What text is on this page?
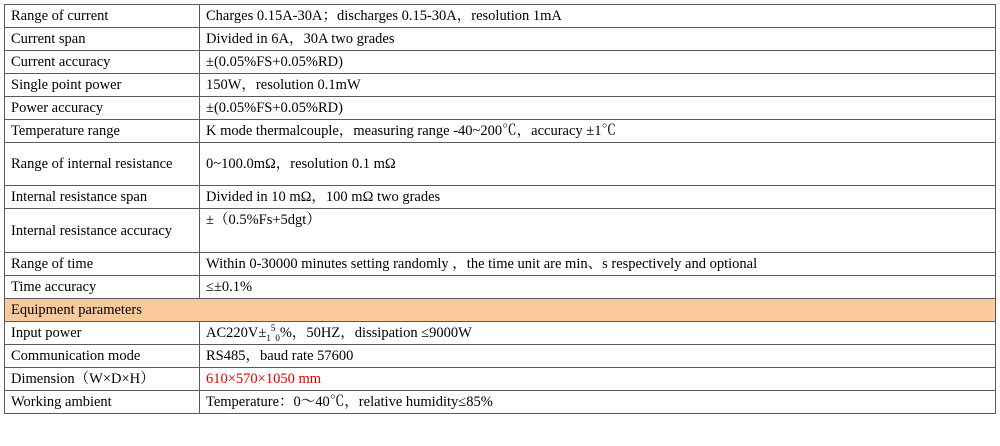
Range of current	Charges 0.15A-30A；discharges 0.15-30A，resolution 1mA
Current span	Divided in 6A，30A two grades
Current accuracy	±(0.05%FS+0.05%RD)
Single point power	150W，resolution 0.1mW
Power accuracy	±(0.05%FS+0.05%RD)
Temperature range	K mode thermalcouple，measuring range -40~200℃，accuracy ±1℃
Range of internal resistance	0~100.0mΩ，resolution 0.1 mΩ
Internal resistance span	Divided in 10 mΩ，100 mΩ two grades
Internal resistance accuracy	±（0.5%Fs+5dgt）
Range of time	Within 0-30000 minutes setting randomly ，the time unit are min、s respectively and optional
Time accuracy	≤±0.1%
Equipment parameters	
Input power	$AC220V\pm_1^5_0\%$，50HZ，dissipation ≤9000W
Communication mode	RS485，baud rate 57600
Dimension（W×D×H）	610×570×1050 mm
Working ambient	Temperature：0～40℃，relative humidity≤85%
